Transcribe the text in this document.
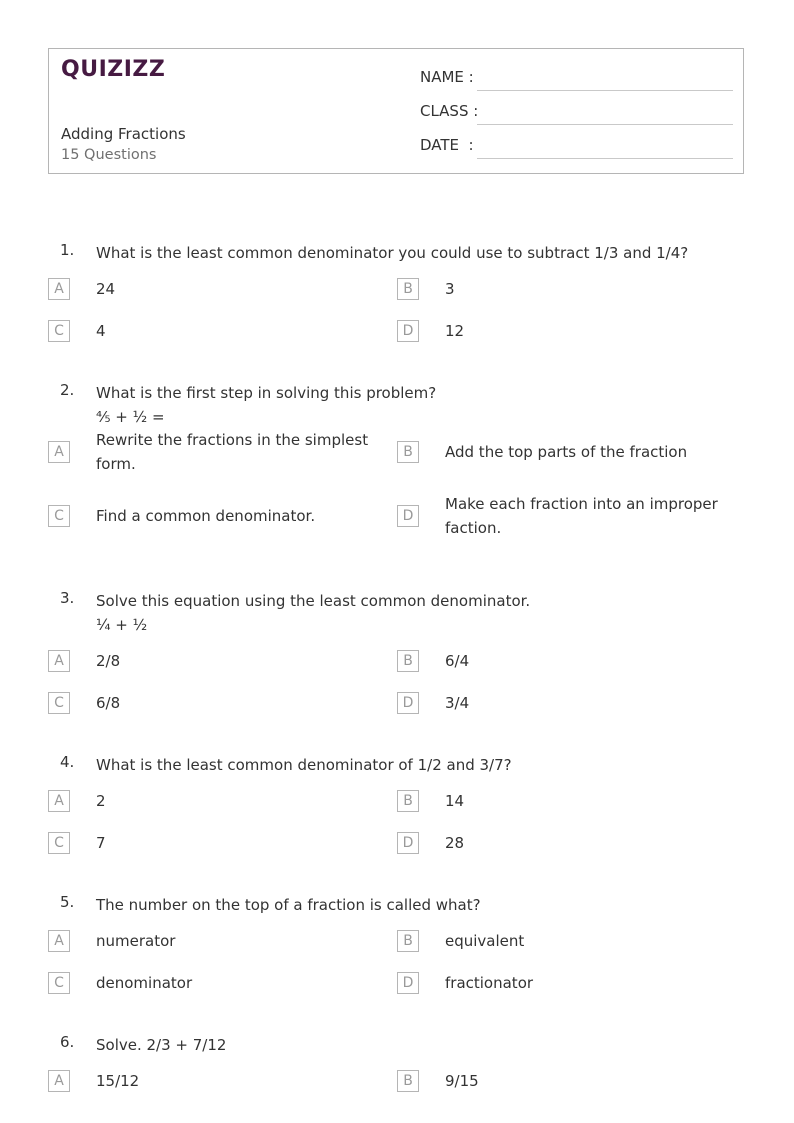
QUIZIZZ
Adding Fractions
15 Questions
NAME :
CLASS :
DATE  :
1. What is the least common denominator you could use to subtract 1/3 and 1/4?
A	24	B	3
C	4	D	12
2. What is the first step in solving this problem?
⅘ + ½ =
A
Rewrite the fractions in the simplest
form.
B	Add the top parts of the fraction
C	Find a common denominator.	D
Make each fraction into an improper
faction.
3. Solve this equation using the least common denominator.
¼ + ½
A	2/8	B	6/4
C	6/8	D	3/4
4. What is the least common denominator of 1/2 and 3/7?
A	2	B	14
C	7	D	28
5. The number on the top of a fraction is called what?
A	numerator	B	equivalent
C	denominator	D	fractionator
6. Solve. 2/3 + 7/12
A	15/12	B	9/15
